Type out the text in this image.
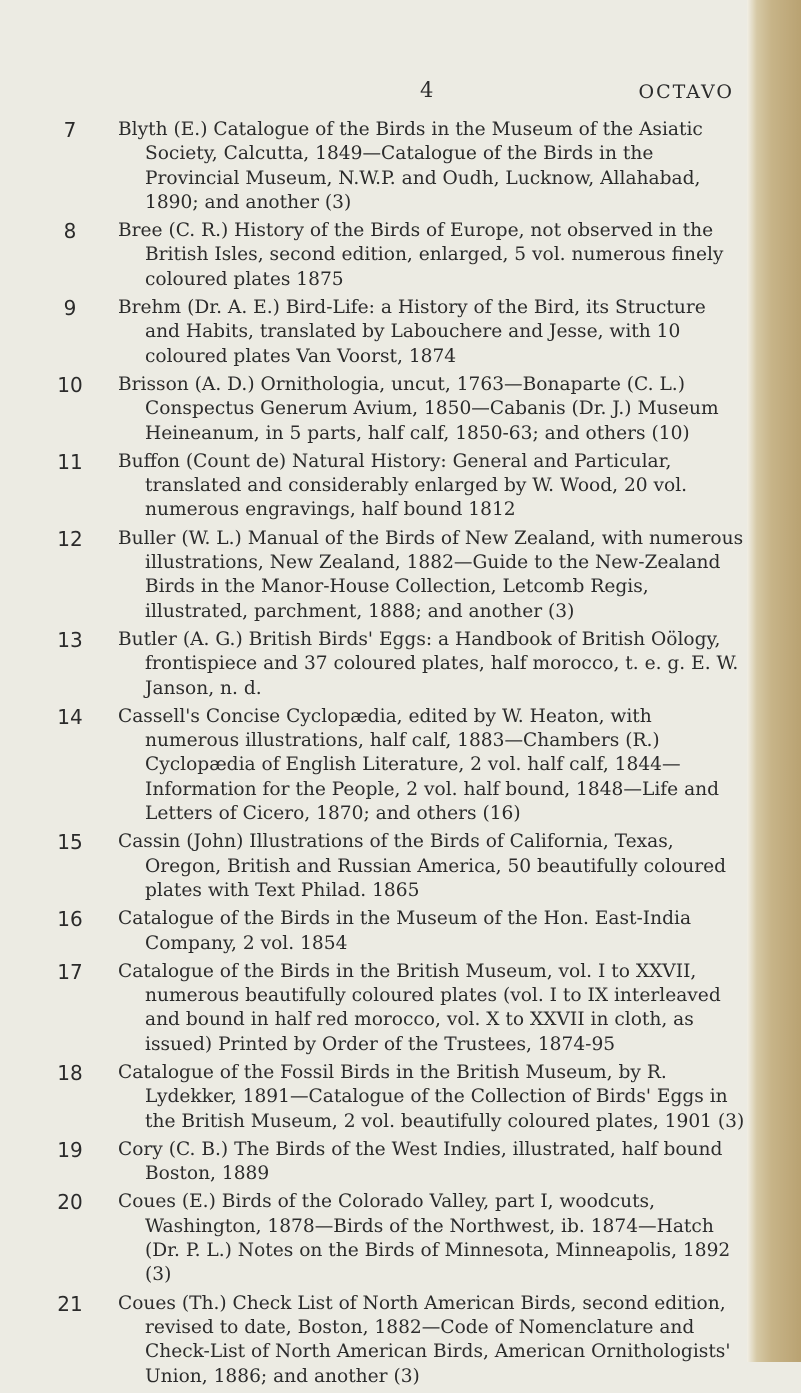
4	OCTAVO
7	Blyth (E.) Catalogue of the Birds in the Museum of the Asiatic Society, Calcutta, 1849—Catalogue of the Birds in the Provincial Museum, N.W.P. and Oudh, Lucknow, Allahabad, 1890; and another (3)
8	Bree (C. R.) History of the Birds of Europe, not observed in the British Isles, second edition, enlarged, 5 vol. numerous finely coloured plates 1875
9	Brehm (Dr. A. E.) Bird-Life: a History of the Bird, its Structure and Habits, translated by Labouchere and Jesse, with 10 coloured plates Van Voorst, 1874
10 Brisson (A. D.) Ornithologia, uncut, 1763—Bonaparte (C. L.) Conspectus Generum Avium, 1850—Cabanis (Dr. J.) Museum Heineanum, in 5 parts, half calf, 1850-63; and others (10)
11 Buffon (Count de) Natural History: General and Particular, translated and considerably enlarged by W. Wood, 20 vol. numerous engravings, half bound 1812
12 Buller (W. L.) Manual of the Birds of New Zealand, with numerous illustrations, New Zealand, 1882—Guide to the New-Zealand Birds in the Manor-House Collection, Letcomb Regis, illustrated, parchment, 1888; and another (3)
13 Butler (A. G.) British Birds' Eggs: a Handbook of British Oölogy, frontispiece and 37 coloured plates, half morocco, t. e. g. E. W. Janson, n. d.
14 Cassell's Concise Cyclopædia, edited by W. Heaton, with numerous illustrations, half calf, 1883—Chambers (R.) Cyclopædia of English Literature, 2 vol. half calf, 1844—Information for the People, 2 vol. half bound, 1848—Life and Letters of Cicero, 1870; and others (16)
15 Cassin (John) Illustrations of the Birds of California, Texas, Oregon, British and Russian America, 50 beautifully coloured plates with Text Philad. 1865
16 Catalogue of the Birds in the Museum of the Hon. East-India Company, 2 vol. 1854
17 Catalogue of the Birds in the British Museum, vol. I to XXVII, numerous beautifully coloured plates (vol. I to IX interleaved and bound in half red morocco, vol. X to XXVII in cloth, as issued) Printed by Order of the Trustees, 1874-95
18 Catalogue of the Fossil Birds in the British Museum, by R. Lydekker, 1891—Catalogue of the Collection of Birds' Eggs in the British Museum, 2 vol. beautifully coloured plates, 1901 (3)
19 Cory (C. B.) The Birds of the West Indies, illustrated, half bound Boston, 1889
20 Coues (E.) Birds of the Colorado Valley, part I, woodcuts, Washington, 1878—Birds of the Northwest, ib. 1874—Hatch (Dr. P. L.) Notes on the Birds of Minnesota, Minneapolis, 1892 (3)
21 Coues (Th.) Check List of North American Birds, second edition, revised to date, Boston, 1882—Code of Nomenclature and Check-List of North American Birds, American Ornithologists' Union, 1886; and another (3)
